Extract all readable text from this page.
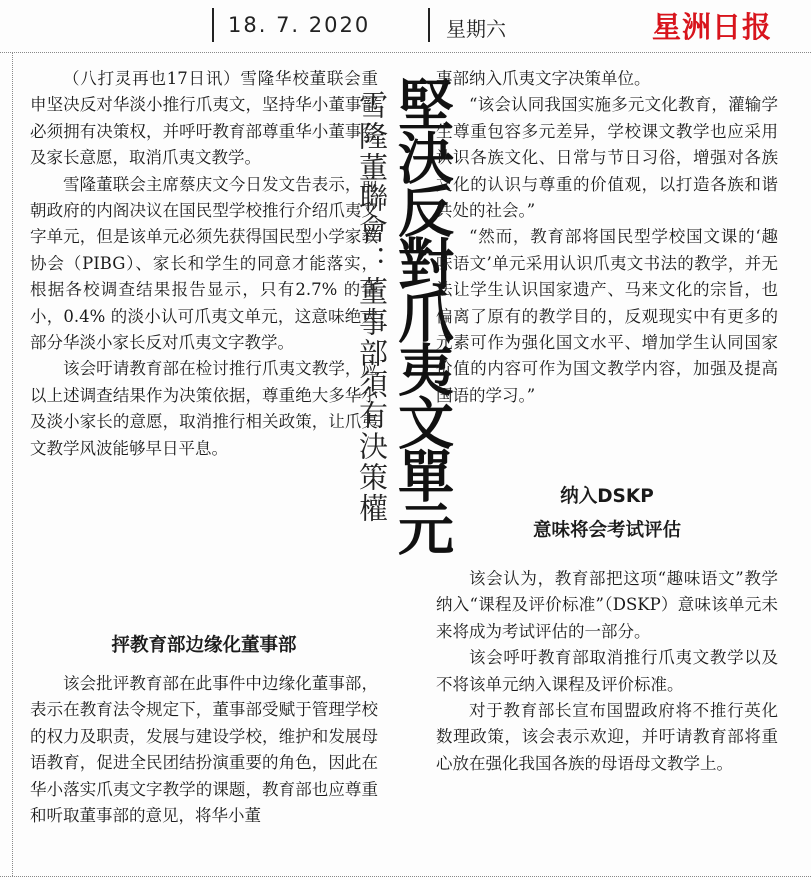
18. 7. 2020	星期六	星洲日报

（八打灵再也17日讯）雪隆华校董联会重申坚决反对华淡小推行爪夷文，坚持华小董事部必须拥有决策权，并呼吁教育部尊重华小董事会及家长意愿，取消爪夷文教学。

雪隆董联会主席蔡庆文今日发文告表示，前朝政府的内阁决议在国民型学校推行介绍爪夷文字单元，但是该单元必须先获得国民型小学家教协会（PIBG）、家长和学生的同意才能落实，根据各校调查结果报告显示，只有2.7% 的华小，0.4% 的淡小认可爪夷文单元，这意味绝大部分华淡小家长反对爪夷文字教学。

该会吁请教育部在检讨推行爪夷文教学，应以上述调查结果作为决策依据，尊重绝大多华小及淡小家长的意愿，取消推行相关政策，让爪夷文教学风波能够早日平息。

抨教育部边缘化董事部

该会批评教育部在此事件中边缘化董事部，表示在教育法令规定下，董事部受赋于管理学校的权力及职责，发展与建设学校，维护和发展母语教育，促进全民团结扮演重要的角色，因此在华小落实爪夷文字教学的课题，教育部也应尊重和听取董事部的意见，将华小董

堅決反對爪夷文單元
雪隆董聯會：董事部須有決策權
事部纳入爪夷文字决策单位。

“该会认同我国实施多元文化教育，灌输学生尊重包容多元差异，学校课文教学也应采用认识各族文化、日常与节日习俗，增强对各族文化的认识与尊重的价值观，以打造各族和谐共处的社会。”

“然而，教育部将国民型学校国文课的‘趣味语文’单元采用认识爪夷文书法的教学，并无法让学生认识国家遗产、马来文化的宗旨，也偏离了原有的教学目的，反观现实中有更多的元素可作为强化国文水平、增加学生认同国家价值的内容可作为国文教学内容，加强及提高国语的学习。”

纳入DSKP
意味将会考试评估

该会认为，教育部把这项“趣味语文”教学纳入“课程及评价标准”（DSKP）意味该单元未来将成为考试评估的一部分。

该会呼吁教育部取消推行爪夷文教学以及不将该单元纳入课程及评价标准。

对于教育部长宣布国盟政府将不推行英化数理政策，该会表示欢迎，并吁请教育部将重心放在强化我国各族的母语母文教学上。
